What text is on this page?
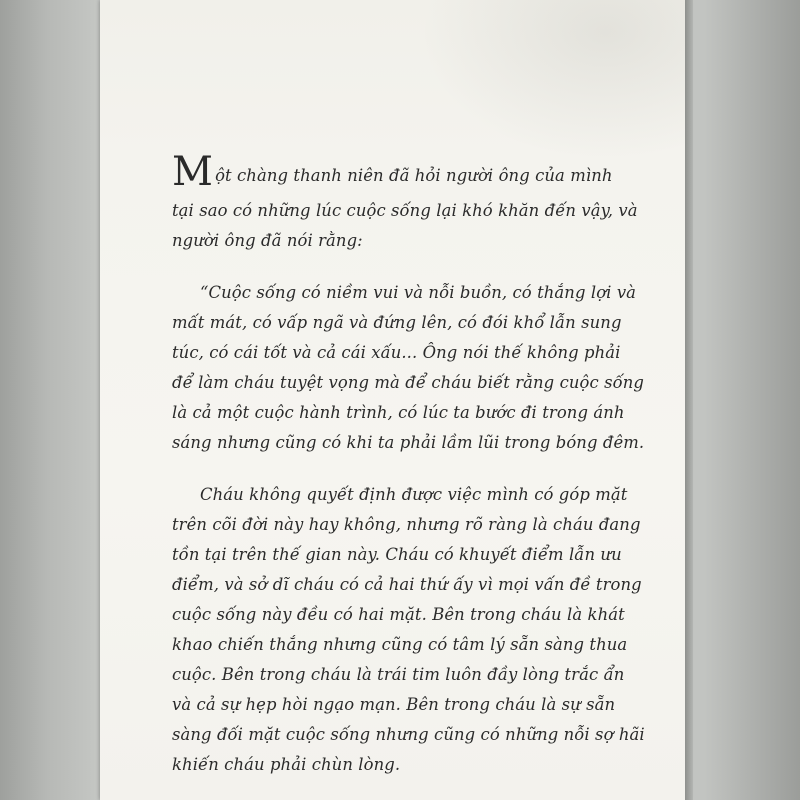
Một chàng thanh niên đã hỏi người ông của mình
tại sao có những lúc cuộc sống lại khó khăn đến vậy, và
người ông đã nói rằng:
“Cuộc sống có niềm vui và nỗi buồn, có thắng lợi và
mất mát, có vấp ngã và đứng lên, có đói khổ lẫn sung
túc, có cái tốt và cả cái xấu... Ông nói thế không phải
để làm cháu tuyệt vọng mà để cháu biết rằng cuộc sống
là cả một cuộc hành trình, có lúc ta bước đi trong ánh
sáng nhưng cũng có khi ta phải lầm lũi trong bóng đêm.
Cháu không quyết định được việc mình có góp mặt
trên cõi đời này hay không, nhưng rõ ràng là cháu đang
tồn tại trên thế gian này. Cháu có khuyết điểm lẫn ưu
điểm, và sở dĩ cháu có cả hai thứ ấy vì mọi vấn đề trong
cuộc sống này đều có hai mặt. Bên trong cháu là khát
khao chiến thắng nhưng cũng có tâm lý sẵn sàng thua
cuộc. Bên trong cháu là trái tim luôn đầy lòng trắc ẩn
và cả sự hẹp hòi ngạo mạn. Bên trong cháu là sự sẵn
sàng đối mặt cuộc sống nhưng cũng có những nỗi sợ hãi
khiến cháu phải chùn lòng.
